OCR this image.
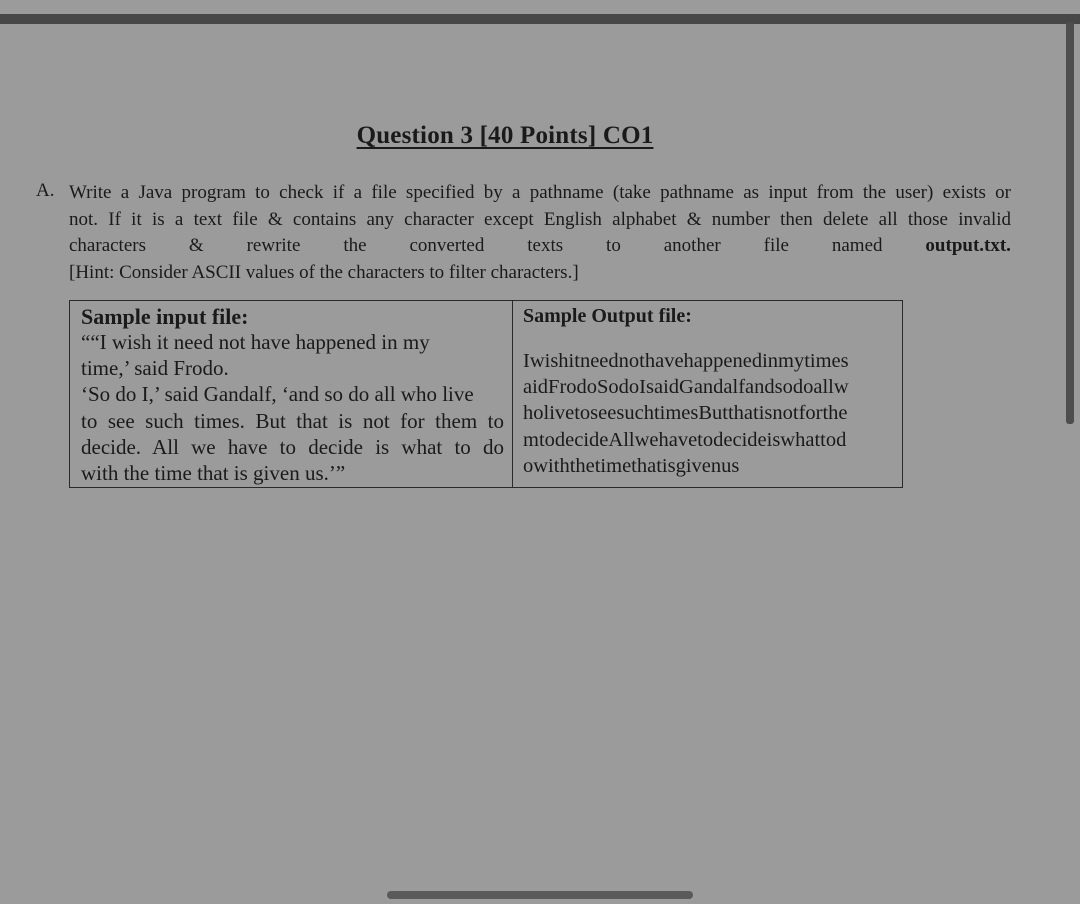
Question 3 [40 Points] CO1
A. Write a Java program to check if a file specified by a pathname (take pathname as input from the user) exists or
not. If it is a text file & contains any character except English alphabet & number then delete all those invalid
characters & rewrite the converted texts to another file named output.txt.
[Hint: Consider ASCII values of the characters to filter characters.]
Sample input file:
““I wish it need not have happened in my
time,’ said Frodo.
‘So do I,’ said Gandalf, ‘and so do all who live
to see such times. But that is not for them to
decide. All we have to decide is what to do
with the time that is given us.’”
Sample Output file:
Iwishitneednothavehappenedinmytimes
aidFrodoSodoIsaidGandalfandsodoallw
holivetoseesuchtimesButthatisnotforthe
mtodecideAllwehavetodecideiswhattod
owiththetimethatisgivenus
